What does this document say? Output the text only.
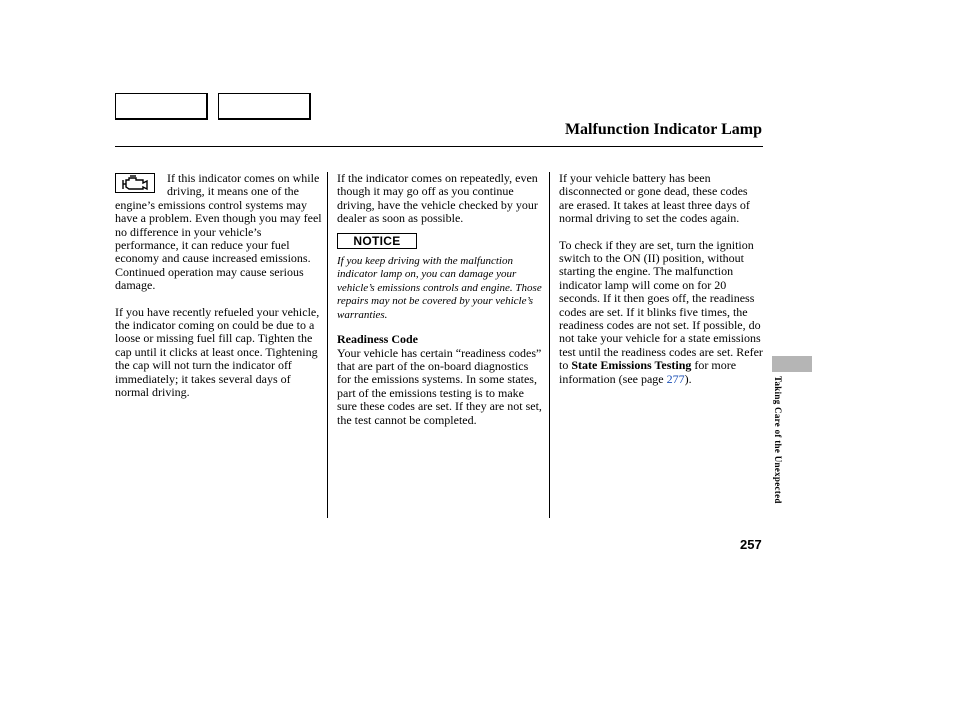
Malfunction Indicator Lamp

If this indicator comes on while driving, it means one of the engine’s emissions control systems may have a problem. Even though you may feel no difference in your vehicle’s performance, it can reduce your fuel economy and cause increased emissions. Continued operation may cause serious damage.

If you have recently refueled your vehicle, the indicator coming on could be due to a loose or missing fuel fill cap. Tighten the cap until it clicks at least once. Tightening the cap will not turn the indicator off immediately; it takes several days of normal driving.

If the indicator comes on repeatedly, even though it may go off as you continue driving, have the vehicle checked by your dealer as soon as possible.

NOTICE

If you keep driving with the malfunction indicator lamp on, you can damage your vehicle’s emissions controls and engine. Those repairs may not be covered by your vehicle’s warranties.

Readiness Code

Your vehicle has certain “readiness codes” that are part of the on-board diagnostics for the emissions systems. In some states, part of the emissions testing is to make sure these codes are set. If they are not set, the test cannot be completed.

If your vehicle battery has been disconnected or gone dead, these codes are erased. It takes at least three days of normal driving to set the codes again.

To check if they are set, turn the ignition switch to the ON (II) position, without starting the engine. The malfunction indicator lamp will come on for 20 seconds. If it then goes off, the readiness codes are set. If it blinks five times, the readiness codes are not set. If possible, do not take your vehicle for a state emissions test until the readiness codes are set. Refer to State Emissions Testing for more information (see page 277).	Taking Care of the Unexpected
257
